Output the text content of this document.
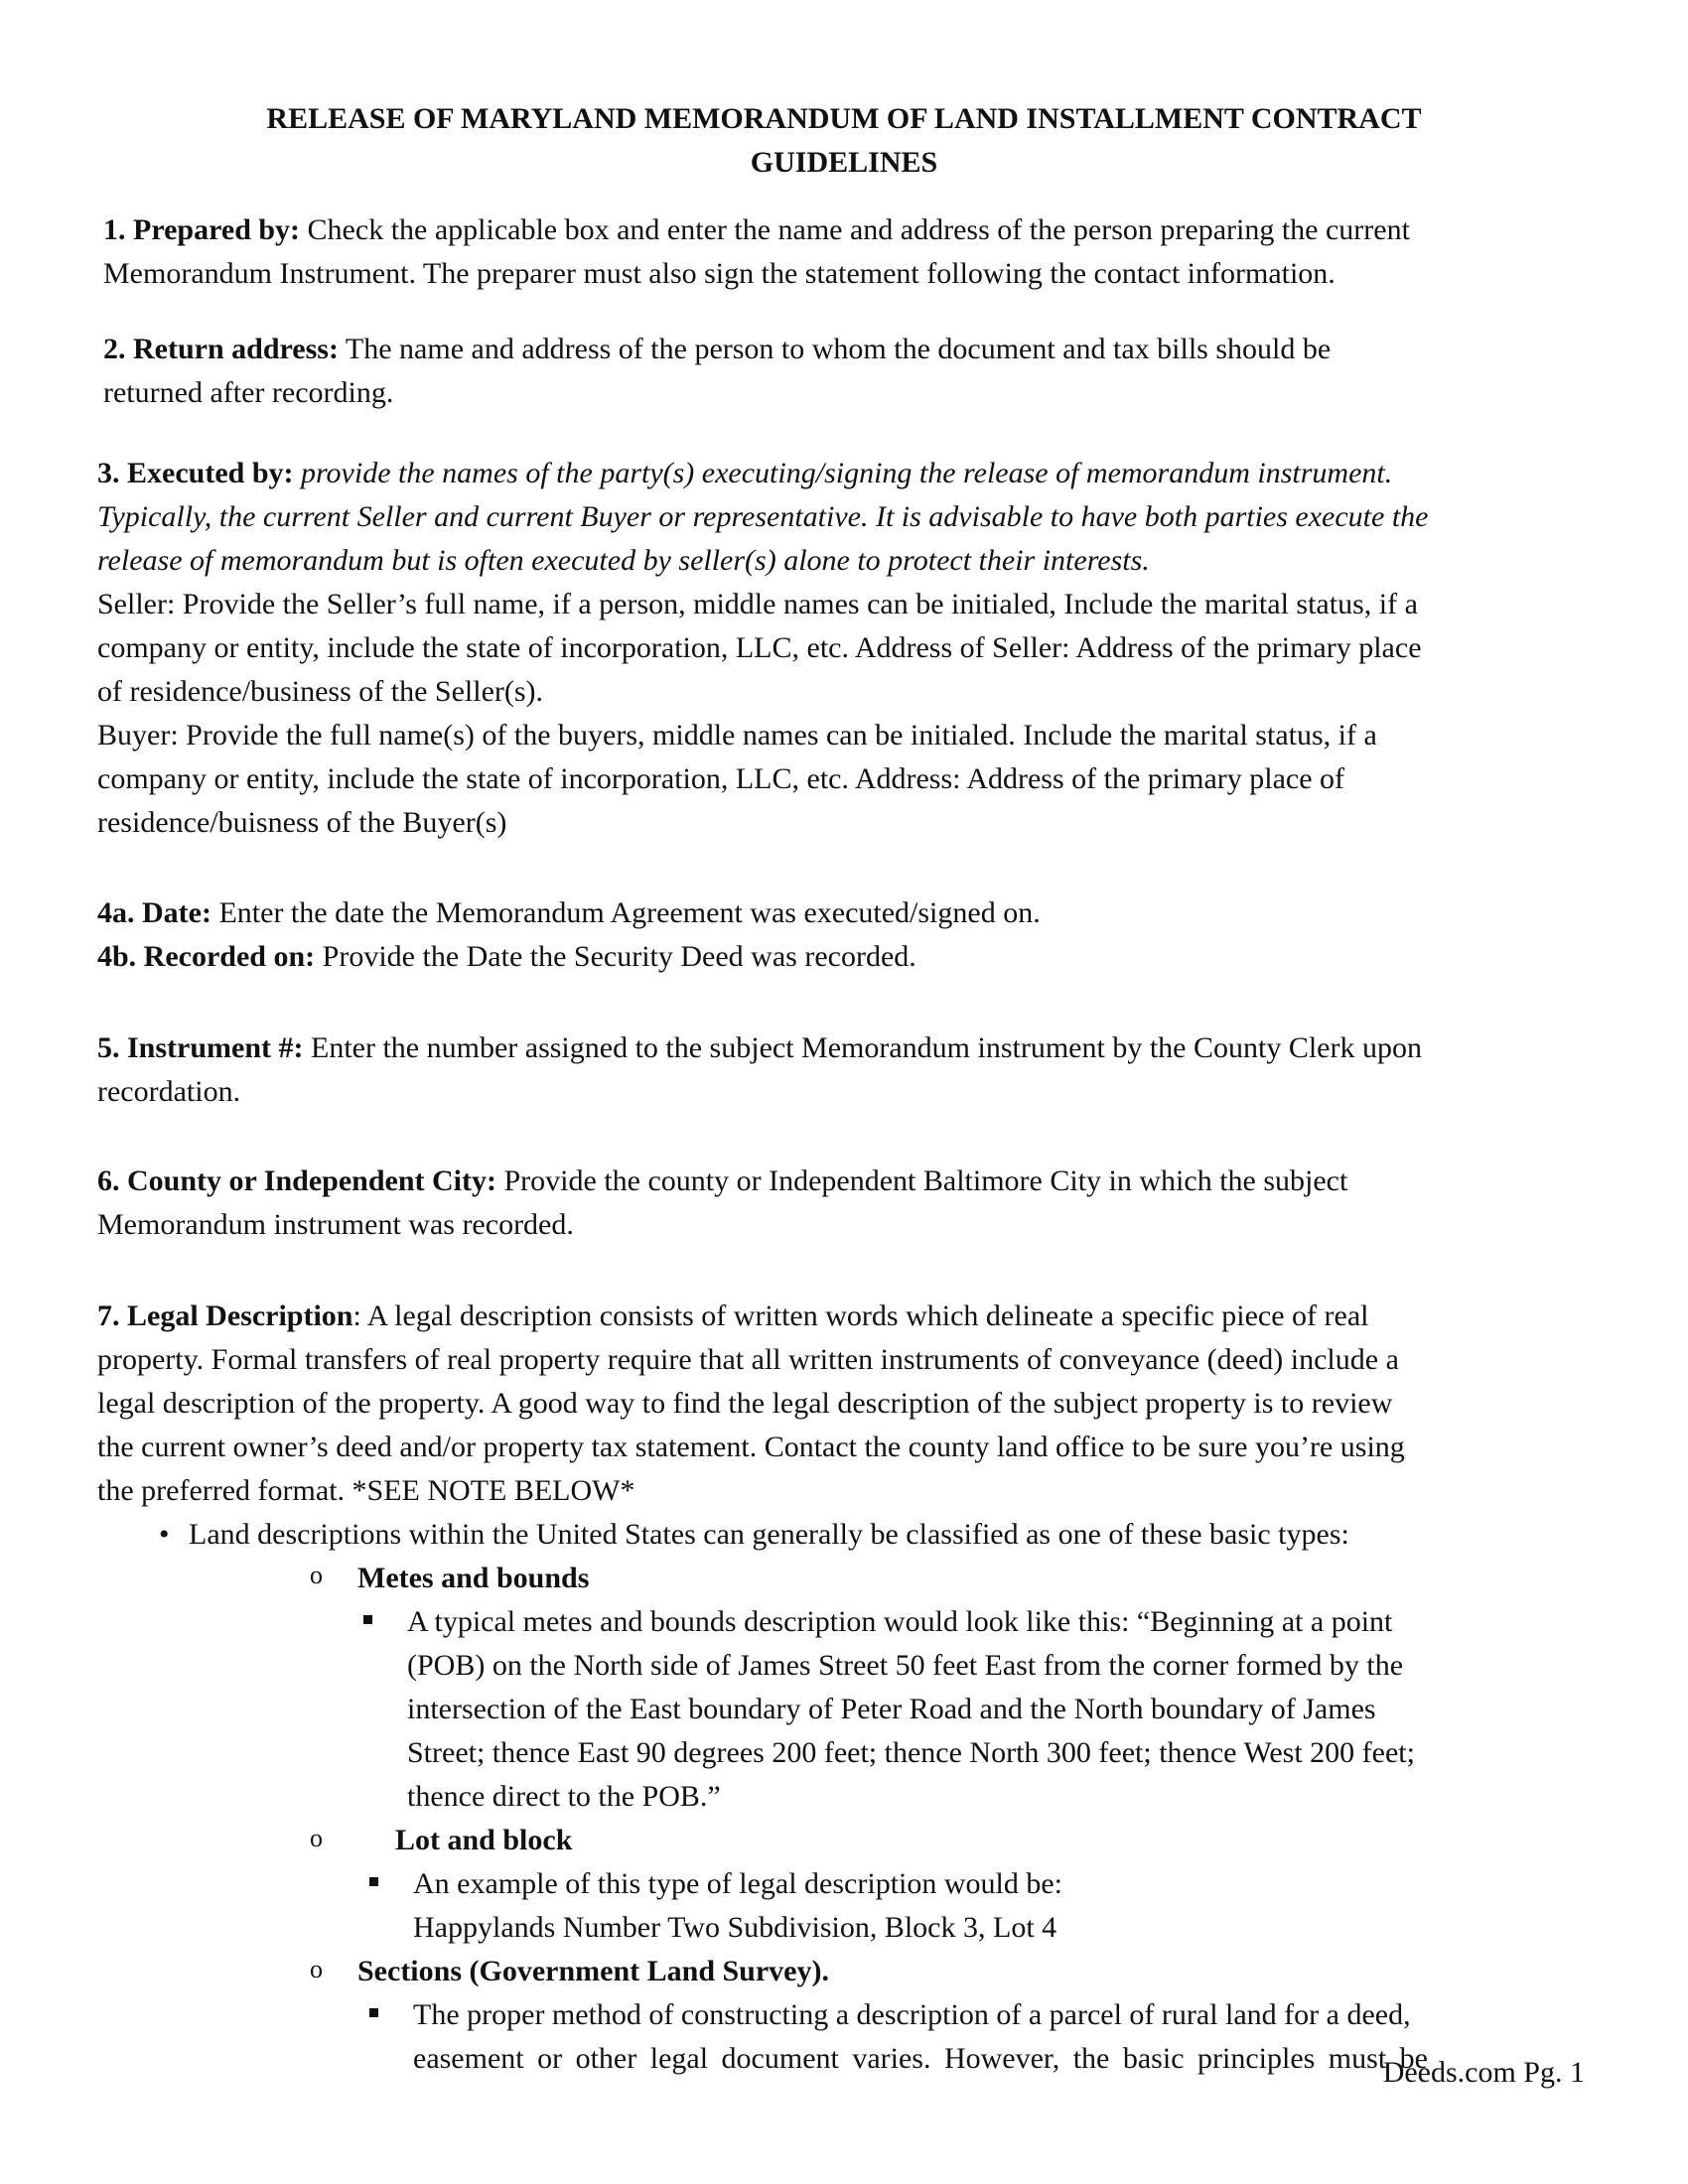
RELEASE OF MARYLAND MEMORANDUM OF LAND INSTALLMENT CONTRACT
GUIDELINES
1. Prepared by: Check the applicable box and enter the name and address of the person preparing the current
Memorandum Instrument. The preparer must also sign the statement following the contact information.
2. Return address: The name and address of the person to whom the document and tax bills should be
returned after recording.
3. Executed by: provide the names of the party(s) executing/signing the release of memorandum instrument.
Typically, the current Seller and current Buyer or representative. It is advisable to have both parties execute the
release of memorandum but is often executed by seller(s) alone to protect their interests.
Seller: Provide the Seller’s full name, if a person, middle names can be initialed, Include the marital status, if a
company or entity, include the state of incorporation, LLC, etc. Address of Seller: Address of the primary place
of residence/business of the Seller(s).
Buyer: Provide the full name(s) of the buyers, middle names can be initialed. Include the marital status, if a
company or entity, include the state of incorporation, LLC, etc. Address: Address of the primary place of
residence/buisness of the Buyer(s)
4a. Date: Enter the date the Memorandum Agreement was executed/signed on.
4b. Recorded on: Provide the Date the Security Deed was recorded.
5. Instrument #: Enter the number assigned to the subject Memorandum instrument by the County Clerk upon
recordation.
6. County or Independent City: Provide the county or Independent Baltimore City in which the subject
Memorandum instrument was recorded.
7. Legal Description: A legal description consists of written words which delineate a specific piece of real
property. Formal transfers of real property require that all written instruments of conveyance (deed) include a
legal description of the property. A good way to find the legal description of the subject property is to review
the current owner’s deed and/or property tax statement. Contact the county land office to be sure you’re using
the preferred format. *SEE NOTE BELOW*
• Land descriptions within the United States can generally be classified as one of these basic types:
o Metes and bounds
A typical metes and bounds description would look like this: “Beginning at a point
(POB) on the North side of James Street 50 feet East from the corner formed by the
intersection of the East boundary of Peter Road and the North boundary of James
Street; thence East 90 degrees 200 feet; thence North 300 feet; thence West 200 feet;
thence direct to the POB.”
o Lot and block
An example of this type of legal description would be:
Happylands Number Two Subdivision, Block 3, Lot 4
o Sections (Government Land Survey).
The proper method of constructing a description of a parcel of rural land for a deed,
easement or other legal document varies. However, the basic principles must be
Deeds.com Pg. 1
